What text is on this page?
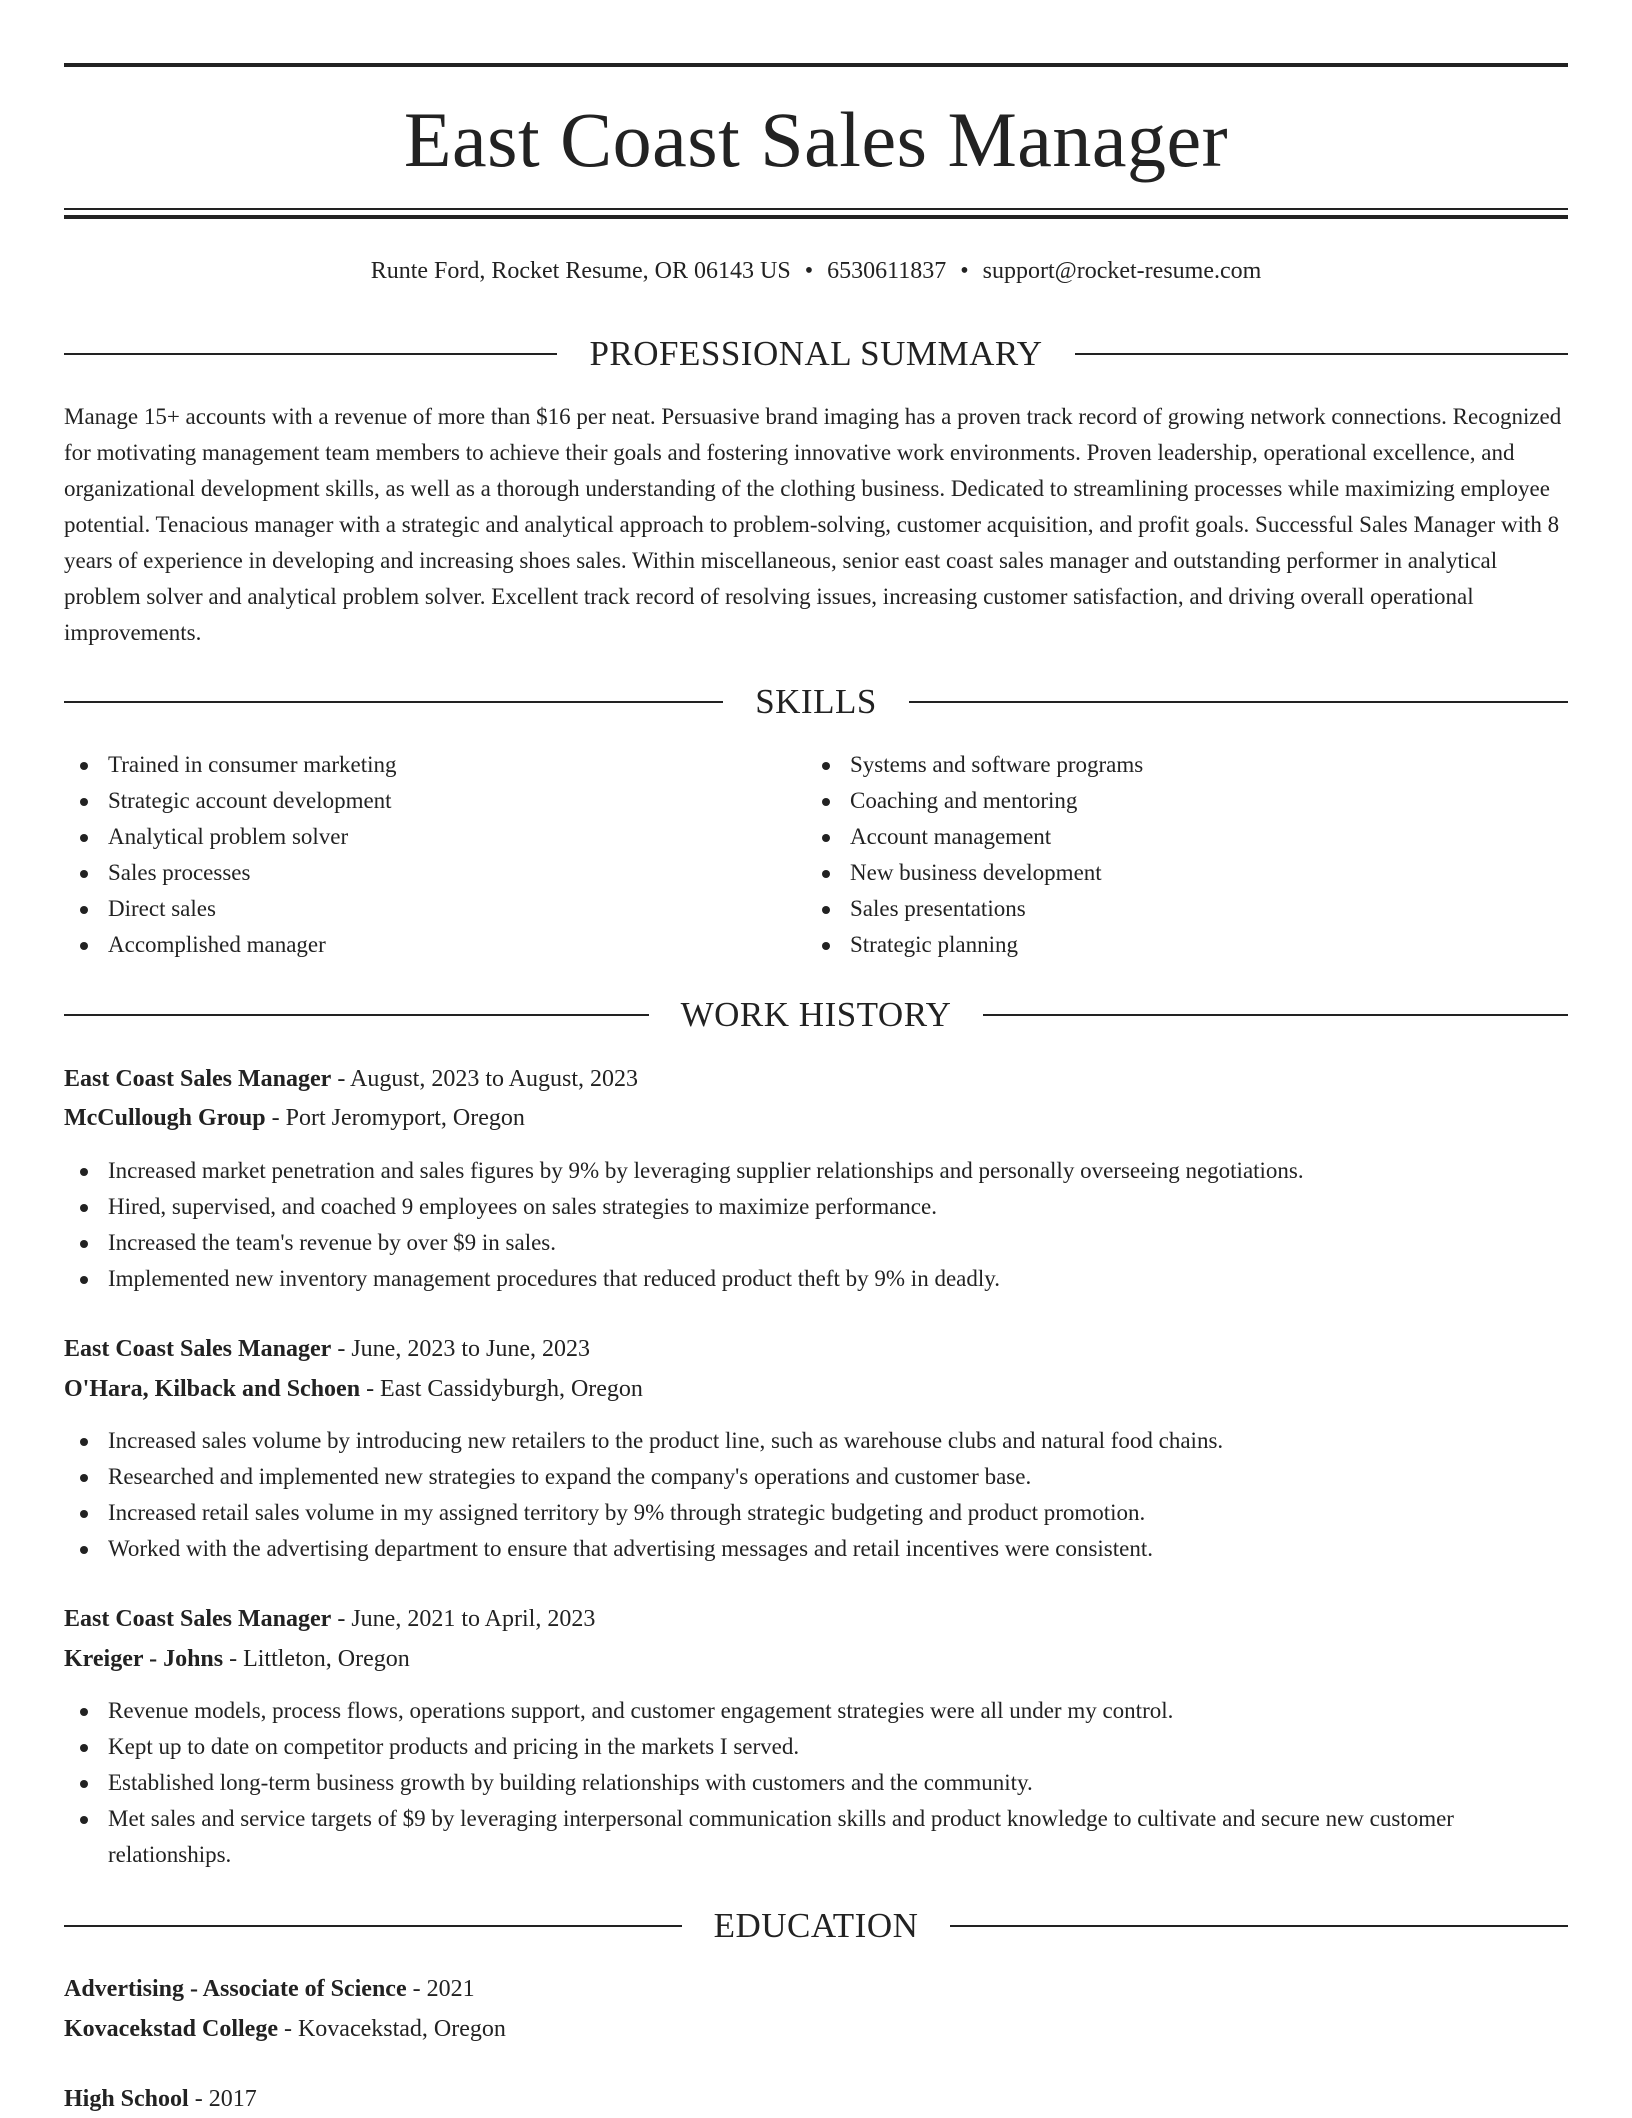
East Coast Sales Manager
Runte Ford, Rocket Resume, OR 06143 US • 6530611837 • support@rocket-resume.com
PROFESSIONAL SUMMARY

Manage 15+ accounts with a revenue of more than $16 per neat. Persuasive brand imaging has a proven track record of growing network connections. Recognized for motivating management team members to achieve their goals and fostering innovative work environments. Proven leadership, operational excellence, and organizational development skills, as well as a thorough understanding of the clothing business. Dedicated to streamlining processes while maximizing employee potential. Tenacious manager with a strategic and analytical approach to problem-solving, customer acquisition, and profit goals. Successful Sales Manager with 8 years of experience in developing and increasing shoes sales. Within miscellaneous, senior east coast sales manager and outstanding performer in analytical problem solver and analytical problem solver. Excellent track record of resolving issues, increasing customer satisfaction, and driving overall operational improvements.

SKILLS
Trained in consumer marketing
Strategic account development
Analytical problem solver
Sales processes
Direct sales
Accomplished manager
Systems and software programs
Coaching and mentoring
Account management
New business development
Sales presentations
Strategic planning
WORK HISTORY
East Coast Sales Manager - August, 2023 to August, 2023
McCullough Group - Port Jeromyport, Oregon
Increased market penetration and sales figures by 9% by leveraging supplier relationships and personally overseeing negotiations.
Hired, supervised, and coached 9 employees on sales strategies to maximize performance.
Increased the team's revenue by over $9 in sales.
Implemented new inventory management procedures that reduced product theft by 9% in deadly.
East Coast Sales Manager - June, 2023 to June, 2023
O'Hara, Kilback and Schoen - East Cassidyburgh, Oregon
Increased sales volume by introducing new retailers to the product line, such as warehouse clubs and natural food chains.
Researched and implemented new strategies to expand the company's operations and customer base.
Increased retail sales volume in my assigned territory by 9% through strategic budgeting and product promotion.
Worked with the advertising department to ensure that advertising messages and retail incentives were consistent.
East Coast Sales Manager - June, 2021 to April, 2023
Kreiger - Johns - Littleton, Oregon
Revenue models, process flows, operations support, and customer engagement strategies were all under my control.
Kept up to date on competitor products and pricing in the markets I served.
Established long-term business growth by building relationships with customers and the community.
Met sales and service targets of $9 by leveraging interpersonal communication skills and product knowledge to cultivate and secure new customer relationships.
EDUCATION
Advertising - Associate of Science - 2021
Kovacekstad College - Kovacekstad, Oregon
High School - 2017
